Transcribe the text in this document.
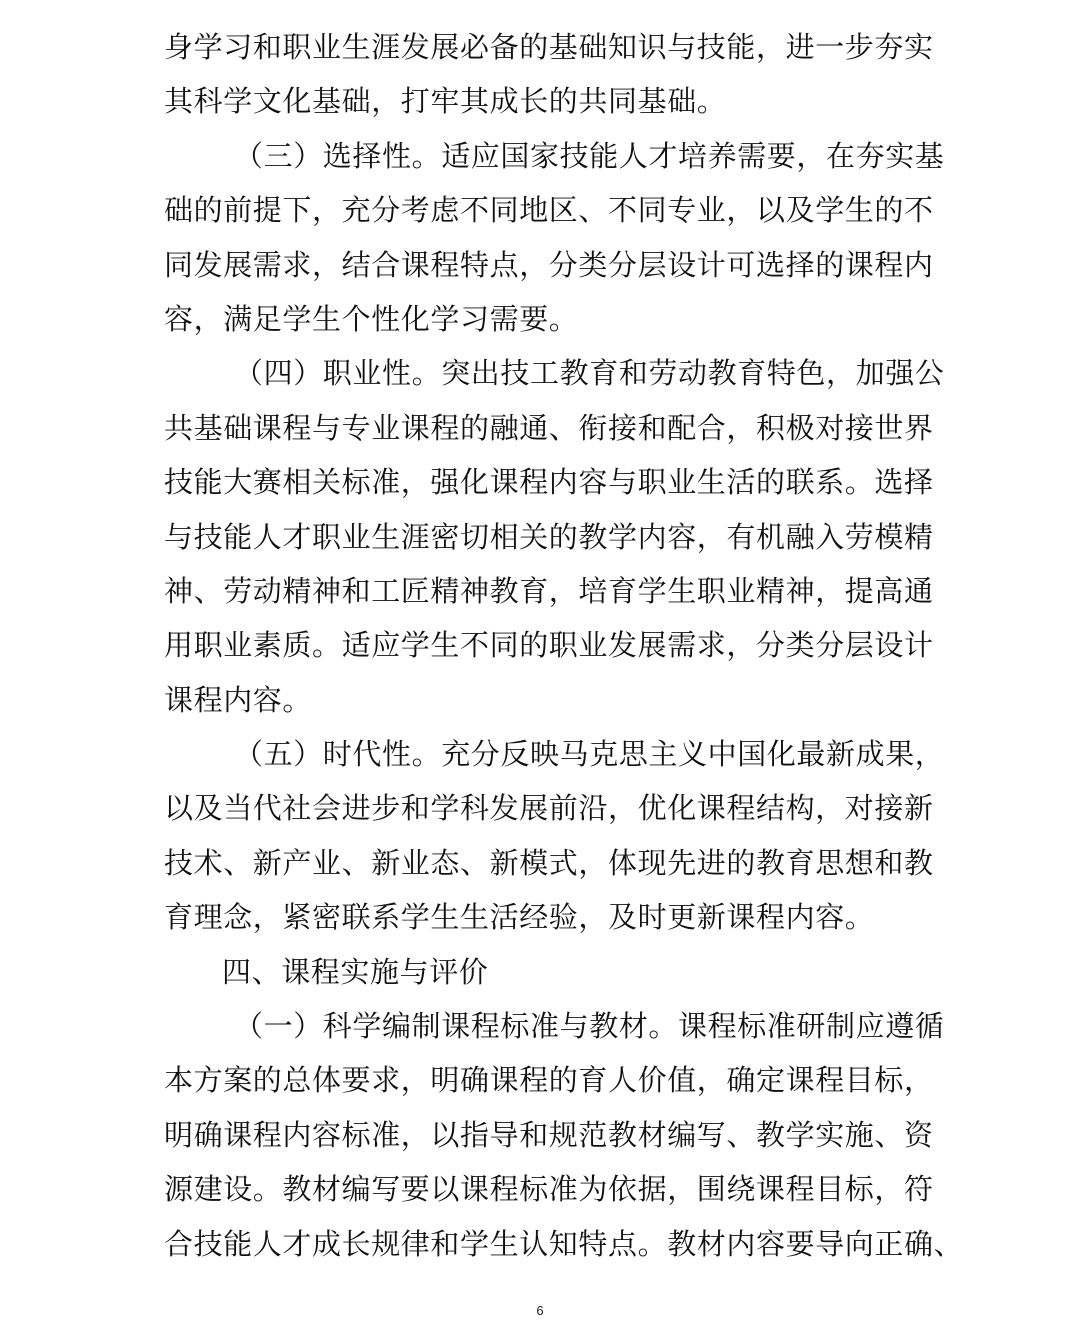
身学习和职业生涯发展必备的基础知识与技能，进一步夯实
其科学文化基础，打牢其成长的共同基础。

（三）选择性。适应国家技能人才培养需要，在夯实基
础的前提下，充分考虑不同地区、不同专业，以及学生的不
同发展需求，结合课程特点，分类分层设计可选择的课程内
容，满足学生个性化学习需要。

（四）职业性。突出技工教育和劳动教育特色，加强公
共基础课程与专业课程的融通、衔接和配合，积极对接世界
技能大赛相关标准，强化课程内容与职业生活的联系。选择
与技能人才职业生涯密切相关的教学内容，有机融入劳模精
神、劳动精神和工匠精神教育，培育学生职业精神，提高通
用职业素质。适应学生不同的职业发展需求，分类分层设计
课程内容。

（五）时代性。充分反映马克思主义中国化最新成果，
以及当代社会进步和学科发展前沿，优化课程结构，对接新
技术、新产业、新业态、新模式，体现先进的教育思想和教
育理念，紧密联系学生生活经验，及时更新课程内容。

四、课程实施与评价

（一）科学编制课程标准与教材。课程标准研制应遵循
本方案的总体要求，明确课程的育人价值，确定课程目标，
明确课程内容标准，以指导和规范教材编写、教学实施、资
源建设。教材编写要以课程标准为依据，围绕课程目标，符
合技能人才成长规律和学生认知特点。教材内容要导向正确、

6
